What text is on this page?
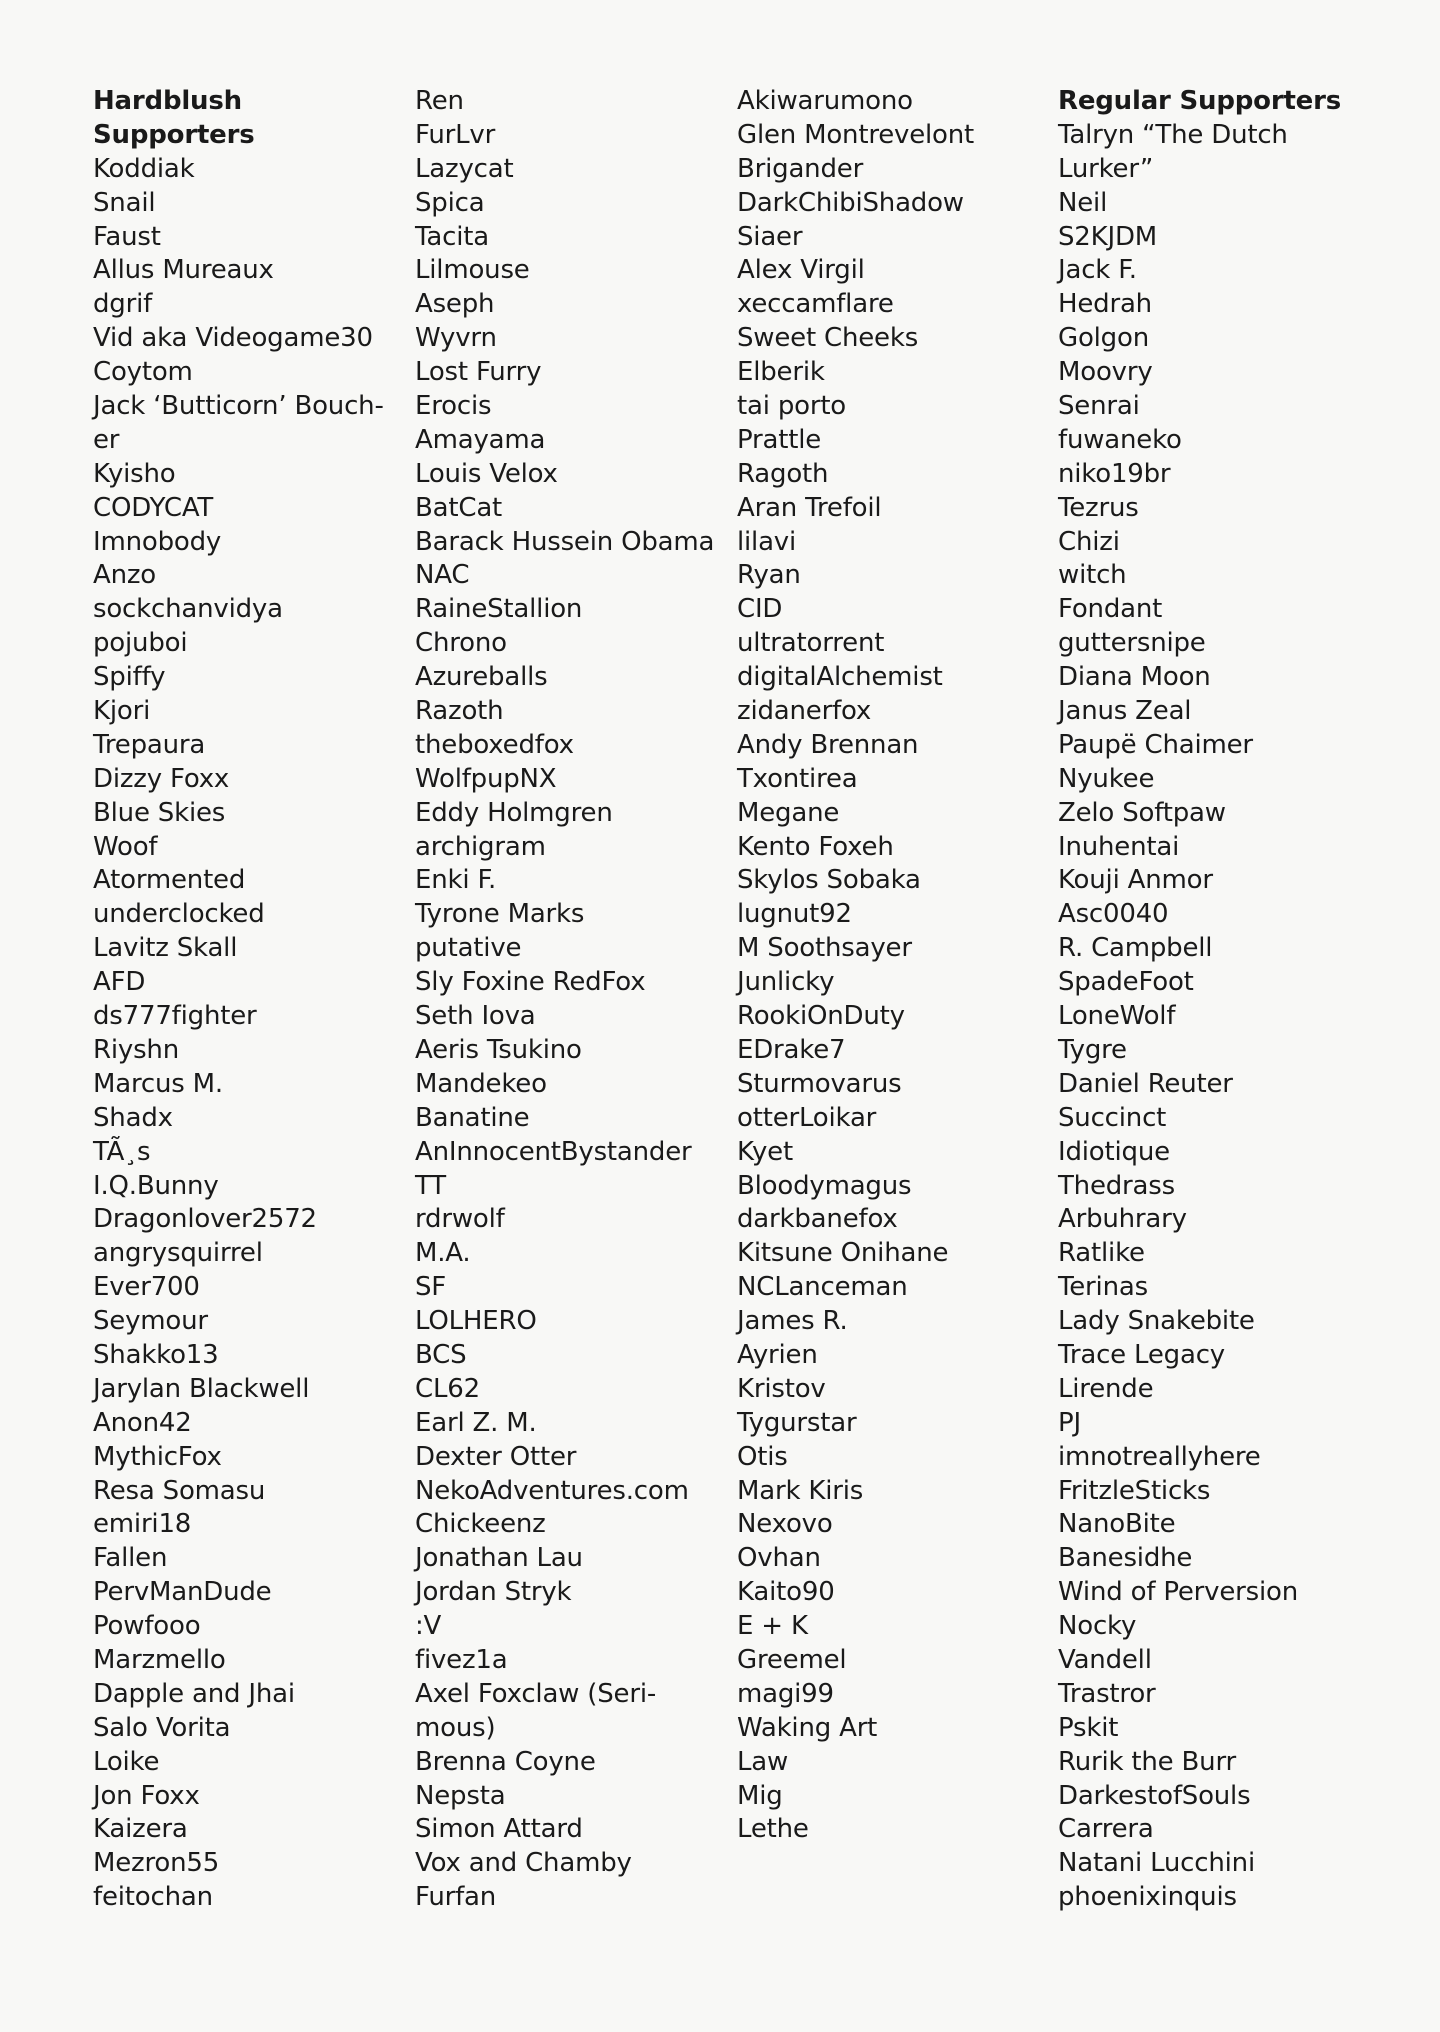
Hardblush
Supporters
Koddiak
Snail
Faust
Allus Mureaux
dgrif
Vid aka Videogame30
Coytom
Jack ‘Butticorn’ Bouch-
er
Kyisho
CODYCAT
Imnobody
Anzo
sockchanvidya
pojuboi
Spiffy
Kjori
Trepaura
Dizzy Foxx
Blue Skies
Woof
Atormented
underclocked
Lavitz Skall
AFD
ds777fighter
Riyshn
Marcus M.
Shadx
TÃ¸s
I.Q.Bunny
Dragonlover2572
angrysquirrel
Ever700
Seymour
Shakko13
Jarylan Blackwell
Anon42
MythicFox
Resa Somasu
emiri18
Fallen
PervManDude
Powfooo
Marzmello
Dapple and Jhai
Salo Vorita
Loike
Jon Foxx
Kaizera
Mezron55
feitochan
Ren
FurLvr
Lazycat
Spica
Tacita
Lilmouse
Aseph
Wyvrn
Lost Furry
Erocis
Amayama
Louis Velox
BatCat
Barack Hussein Obama
NAC
RaineStallion
Chrono
Azureballs
Razoth
theboxedfox
WolfpupNX
Eddy Holmgren
archigram
Enki F.
Tyrone Marks
putative
Sly Foxine RedFox
Seth Iova
Aeris Tsukino
Mandekeo
Banatine
AnInnocentBystander
TT
rdrwolf
M.A.
SF
LOLHERO
BCS
CL62
Earl Z. M.
Dexter Otter
NekoAdventures.com
Chickeenz
Jonathan Lau
Jordan Stryk
:V
fivez1a
Axel Foxclaw (Seri-
mous)
Brenna Coyne
Nepsta
Simon Attard
Vox and Chamby
Furfan
Akiwarumono
Glen Montrevelont
Brigander
DarkChibiShadow
Siaer
Alex Virgil
xeccamflare
Sweet Cheeks
Elberik
tai porto
Prattle
Ragoth
Aran Trefoil
lilavi
Ryan
CID
ultratorrent
digitalAlchemist
zidanerfox
Andy Brennan
Txontirea
Megane
Kento Foxeh
Skylos Sobaka
lugnut92
M Soothsayer
Junlicky
RookiOnDuty
EDrake7
Sturmovarus
otterLoikar
Kyet
Bloodymagus
darkbanefox
Kitsune Onihane
NCLanceman
James R.
Ayrien
Kristov
Tygurstar
Otis
Mark Kiris
Nexovo
Ovhan
Kaito90
E + K
Greemel
magi99
Waking Art
Law
Mig
Lethe
Regular Supporters
Talryn “The Dutch
Lurker”
Neil
S2KJDM
Jack F.
Hedrah
Golgon
Moovry
Senrai
fuwaneko
niko19br
Tezrus
Chizi
witch
Fondant
guttersnipe
Diana Moon
Janus Zeal
Paupë Chaimer
Nyukee
Zelo Softpaw
Inuhentai
Kouji Anmor
Asc0040
R. Campbell
SpadeFoot
LoneWolf
Tygre
Daniel Reuter
Succinct
Idiotique
Thedrass
Arbuhrary
Ratlike
Terinas
Lady Snakebite
Trace Legacy
Lirende
PJ
imnotreallyhere
FritzleSticks
NanoBite
Banesidhe
Wind of Perversion
Nocky
Vandell
Trastror
Pskit
Rurik the Burr
DarkestofSouls
Carrera
Natani Lucchini
phoenixinquis
